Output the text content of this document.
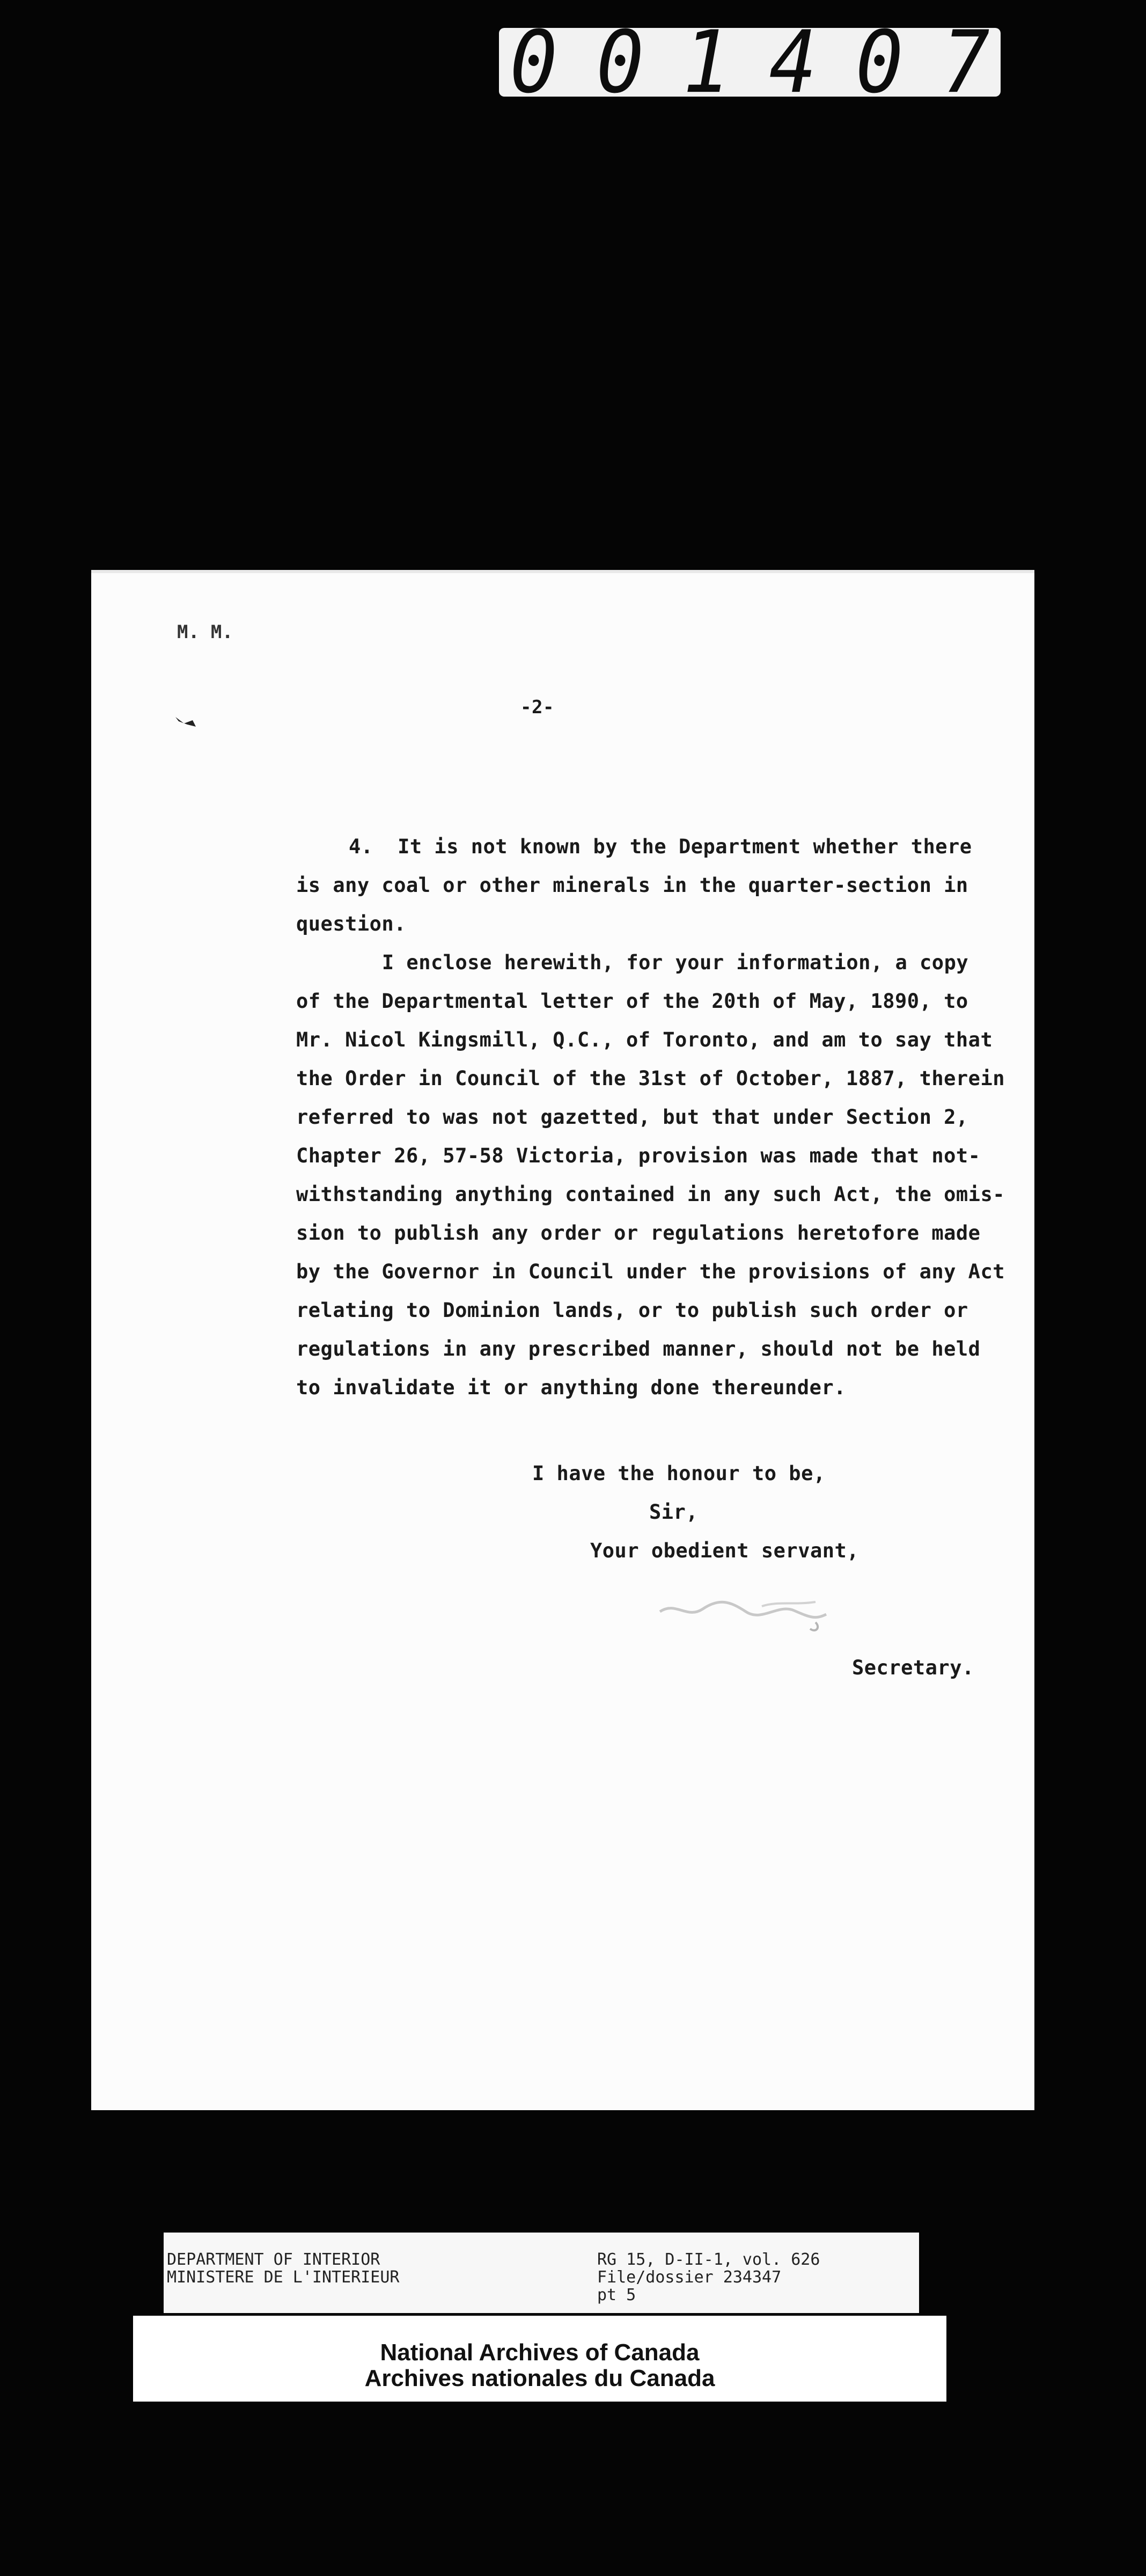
001407
M. M.
-2-
4.  It is not known by the Department whether there
is any coal or other minerals in the quarter-section in
question.
I enclose herewith, for your information, a copy
of the Departmental letter of the 20th of May, 1890, to
Mr. Nicol Kingsmill, Q.C., of Toronto, and am to say that
the Order in Council of the 31st of October, 1887, therein
referred to was not gazetted, but that under Section 2,
Chapter 26, 57-58 Victoria, provision was made that not-
withstanding anything contained in any such Act, the omis-
sion to publish any order or regulations heretofore made
by the Governor in Council under the provisions of any Act
relating to Dominion lands, or to publish such order or
regulations in any prescribed manner, should not be held
to invalidate it or anything done thereunder.
I have the honour to be,
Sir,
Your obedient servant,
Secretary.
DEPARTMENT OF INTERIOR
MINISTERE DE L'INTERIEUR
RG 15, D-II-1, vol. 626
File/dossier 234347
pt 5
National Archives of Canada
Archives nationales du Canada
